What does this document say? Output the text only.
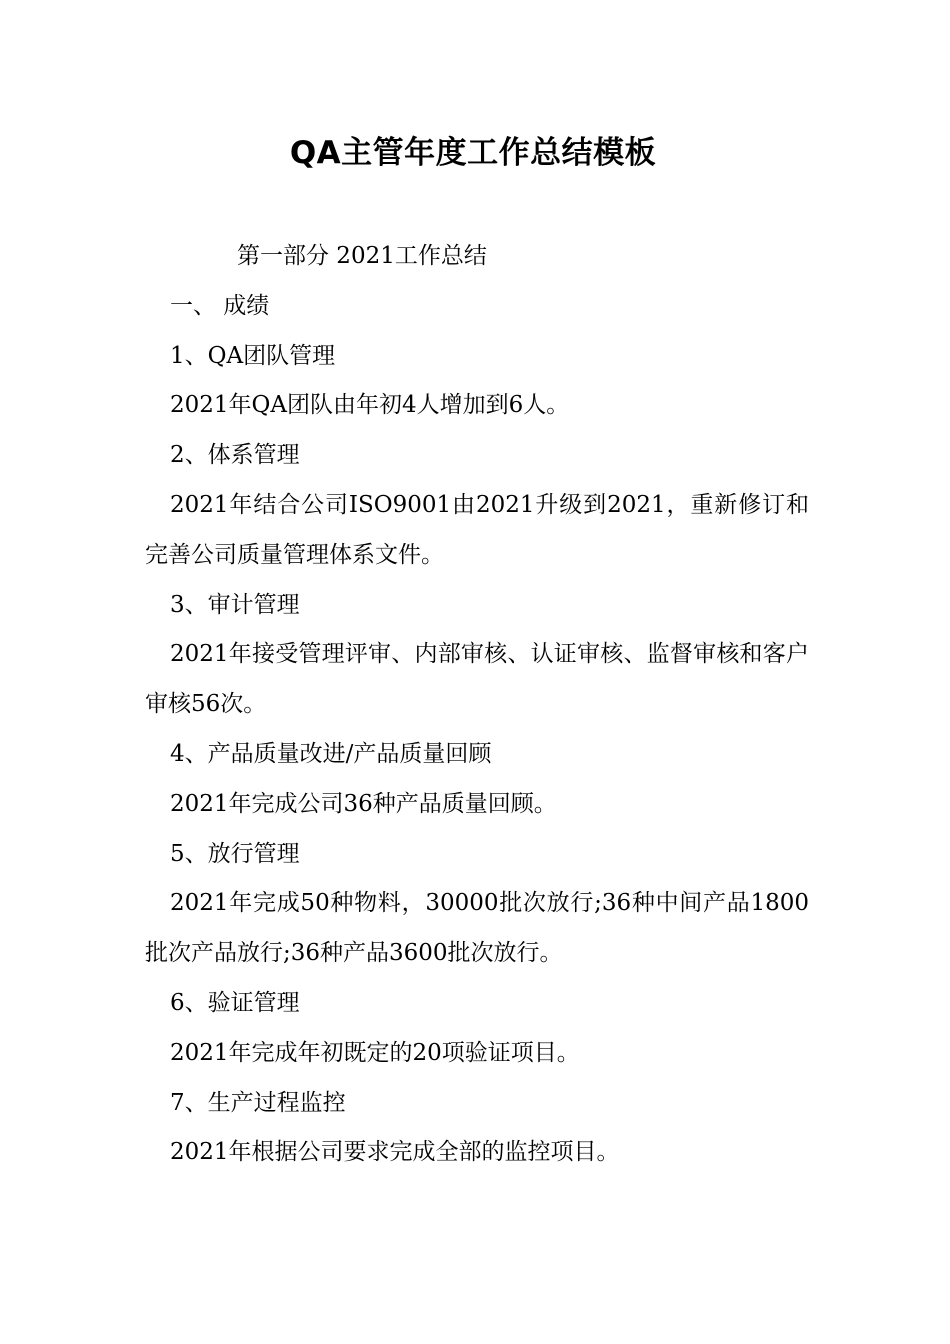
QA主管年度工作总结模板

第一部分 2021工作总结

一、 成绩

1、QA团队管理

2021年QA团队由年初4人增加到6人。

2、体系管理

2021年结合公司ISO9001由2021升级到2021，重新修订和完善公司质量管理体系文件。

3、审计管理

2021年接受管理评审、内部审核、认证审核、监督审核和客户审核56次。

4、产品质量改进/产品质量回顾

2021年完成公司36种产品质量回顾。

5、放行管理

2021年完成50种物料，30000批次放行;36种中间产品1800批次产品放行;36种产品3600批次放行。

6、验证管理

2021年完成年初既定的20项验证项目。

7、生产过程监控

2021年根据公司要求完成全部的监控项目。
